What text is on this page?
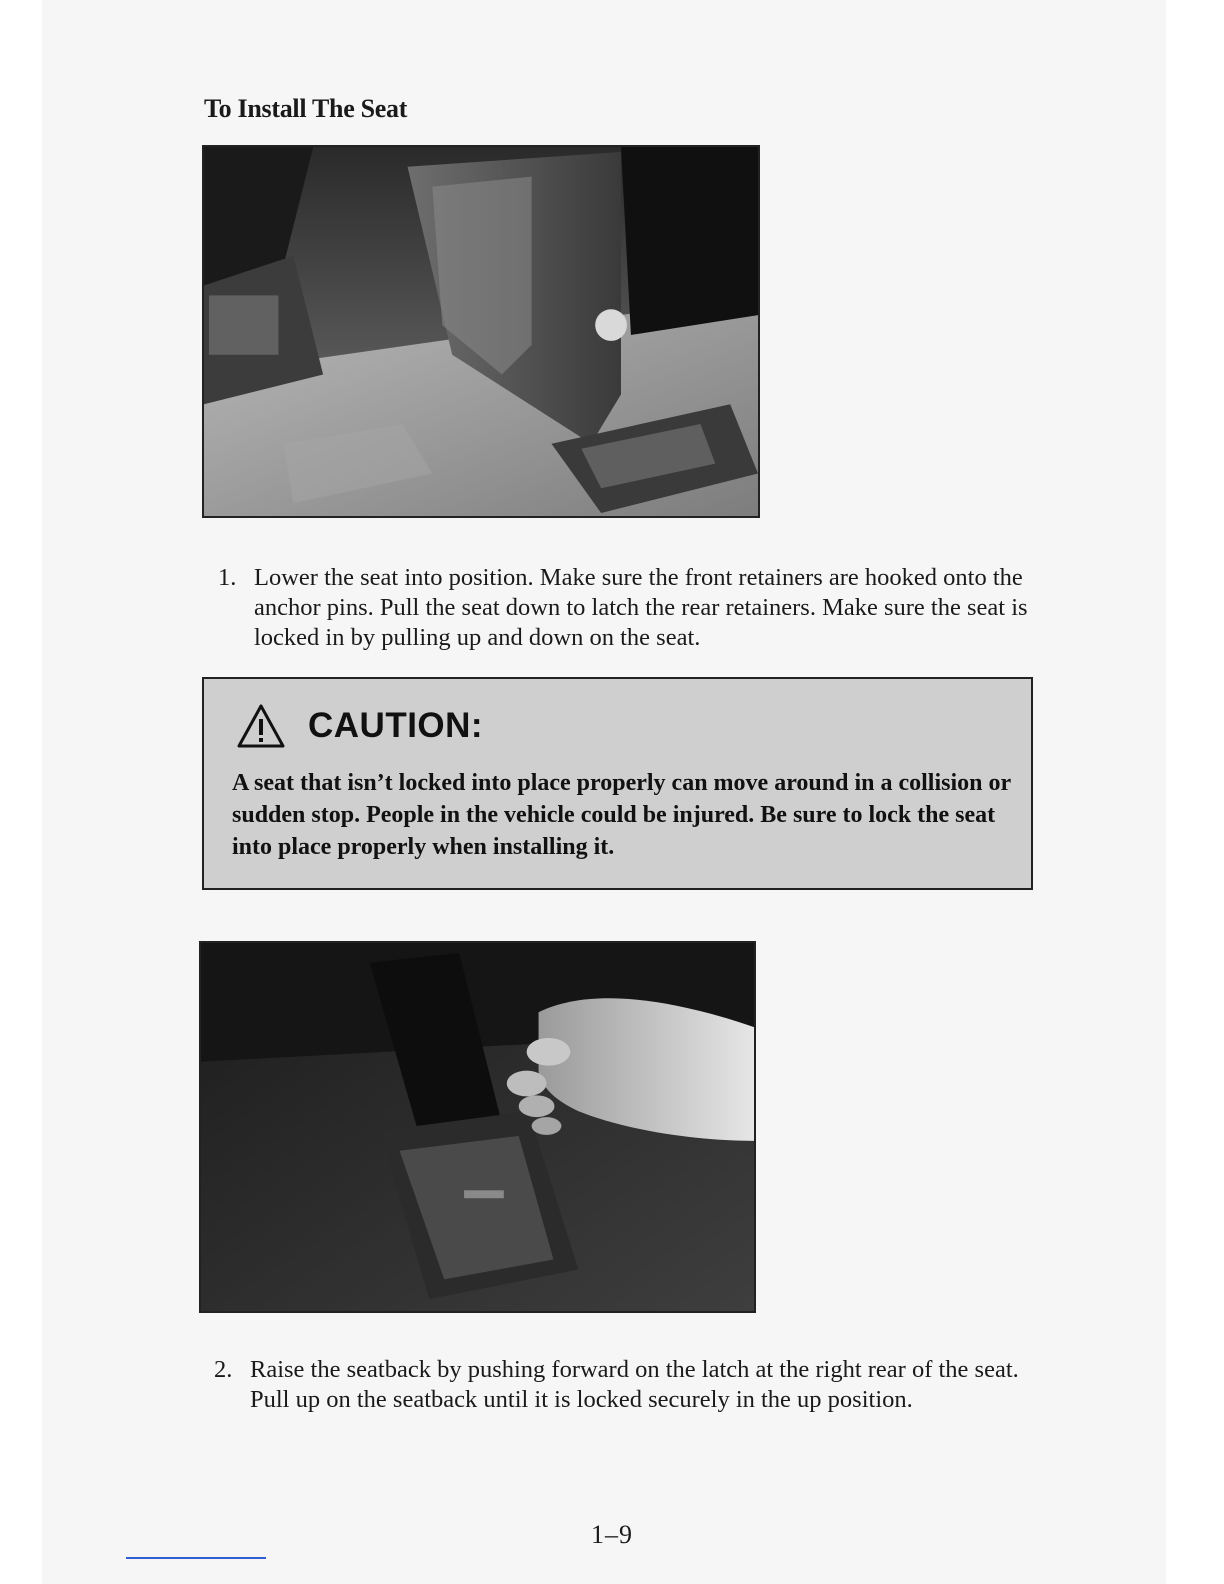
To Install The Seat
1. Lower the seat into position. Make sure the front retainers are hooked onto the anchor pins. Pull the seat down to latch the rear retainers. Make sure the seat is locked in by pulling up and down on the seat.
CAUTION:
A seat that isn’t locked into place properly can move around in a collision or sudden stop. People in the vehicle could be injured. Be sure to lock the seat into place properly when installing it.
2. Raise the seatback by pushing forward on the latch at the right rear of the seat. Pull up on the seatback until it is locked securely in the up position.
1–9
